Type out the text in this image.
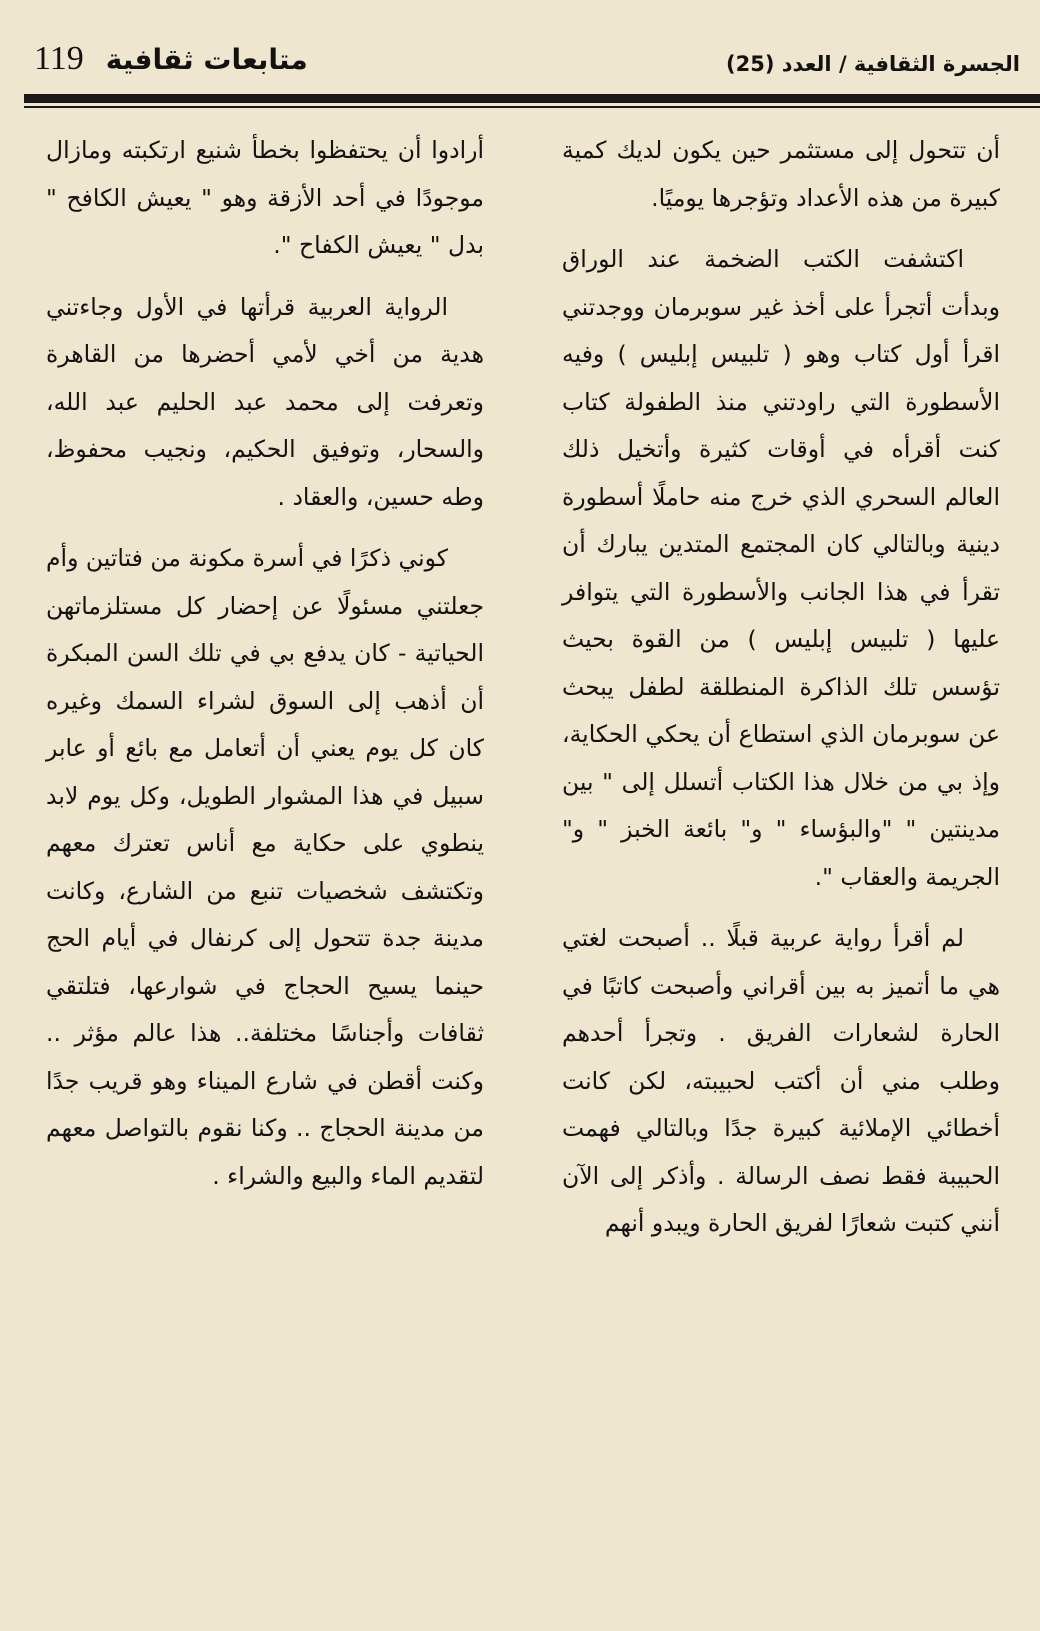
الجسرة الثقافية / العدد (25)
119 متابعات ثقافية

أن تتحول إلى مستثمر حين يكون لديك كمية كبيرة من هذه الأعداد وتؤجرها يوميًا.

اكتشفت الكتب الضخمة عند الوراق وبدأت أتجرأ على أخذ غير سوبرمان ووجدتني اقرأ أول كتاب وهو ( تلبيس إبليس ) وفيه الأسطورة التي راودتني منذ الطفولة كتاب كنت أقرأه في أوقات كثيرة وأتخيل ذلك العالم السحري الذي خرج منه حاملًا أسطورة دينية وبالتالي كان المجتمع المتدين يبارك أن تقرأ في هذا الجانب والأسطورة التي يتوافر عليها ( تلبيس إبليس ) من القوة بحيث تؤسس تلك الذاكرة المنطلقة لطفل يبحث عن سوبرمان الذي استطاع أن يحكي الحكاية، وإذ بي من خلال هذا الكتاب أتسلل إلى " بين مدينتين " "والبؤساء " و" بائعة الخبز " و" الجريمة والعقاب ".

لم أقرأ رواية عربية قبلًا .. أصبحت لغتي هي ما أتميز به بين أقراني وأصبحت كاتبًا في الحارة لشعارات الفريق . وتجرأ أحدهم وطلب مني أن أكتب لحبيبته، لكن كانت أخطائي الإملائية كبيرة جدًا وبالتالي فهمت الحبيبة فقط نصف الرسالة . وأذكر إلى الآن أنني كتبت شعارًا لفريق الحارة ويبدو أنهم

أرادوا أن يحتفظوا بخطأ شنيع ارتكبته ومازال موجودًا في أحد الأزقة وهو " يعيش الكافح " بدل " يعيش الكفاح ".

الرواية العربية قرأتها في الأول وجاءتني هدية من أخي لأمي أحضرها من القاهرة وتعرفت إلى محمد عبد الحليم عبد الله، والسحار، وتوفيق الحكيم، ونجيب محفوظ، وطه حسين، والعقاد .

كوني ذكرًا في أسرة مكونة من فتاتين وأم جعلتني مسئولًا عن إحضار كل مستلزماتهن الحياتية - كان يدفع بي في تلك السن المبكرة أن أذهب إلى السوق لشراء السمك وغيره كان كل يوم يعني أن أتعامل مع بائع أو عابر سبيل في هذا المشوار الطويل، وكل يوم لابد ينطوي على حكاية مع أناس تعترك معهم وتكتشف شخصيات تنبع من الشارع، وكانت مدينة جدة تتحول إلى كرنفال في أيام الحج حينما يسيح الحجاج في شوارعها، فتلتقي ثقافات وأجناسًا مختلفة.. هذا عالم مؤثر .. وكنت أقطن في شارع الميناء وهو قريب جدًا من مدينة الحجاج .. وكنا نقوم بالتواصل معهم لتقديم الماء والبيع والشراء .
